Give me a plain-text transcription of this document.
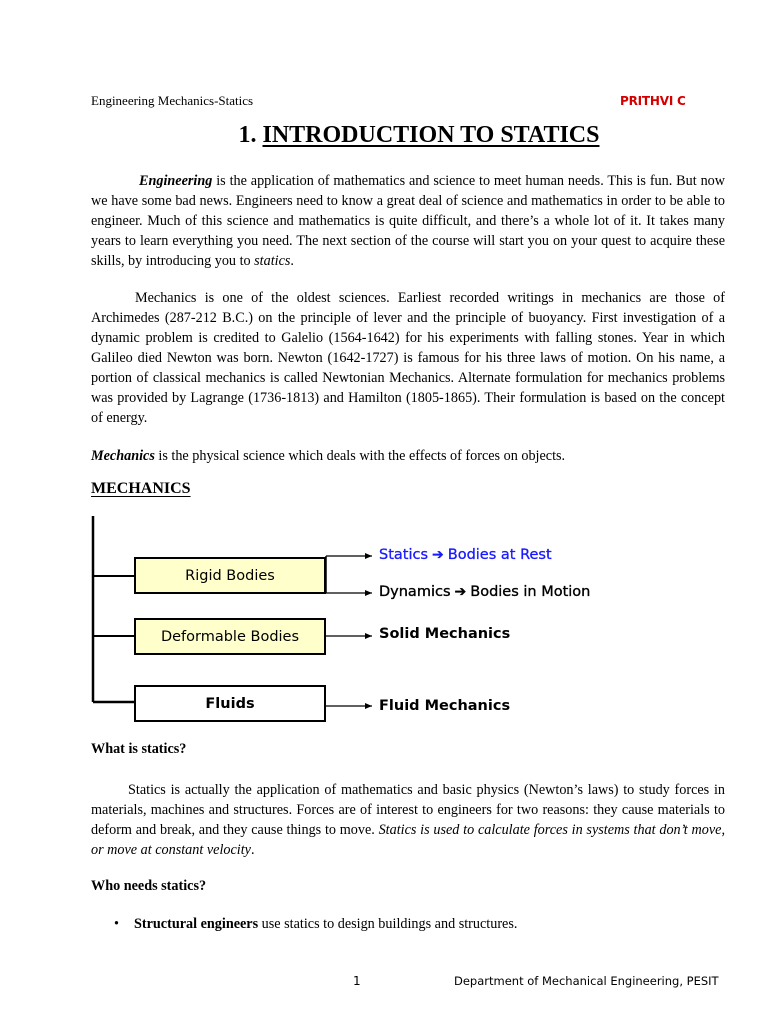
Engineering Mechanics-Statics	PRITHVI C
1. INTRODUCTION TO STATICS
Engineering is the application of mathematics and science to meet human needs. This is fun. But now we have some bad news. Engineers need to know a great deal of science and mathematics in order to be able to engineer. Much of this science and mathematics is quite difficult, and there’s a whole lot of it. It takes many years to learn everything you need. The next section of the course will start you on your quest to acquire these skills, by introducing you to statics.
Mechanics is one of the oldest sciences. Earliest recorded writings in mechanics are those of Archimedes (287-212 B.C.) on the principle of lever and the principle of buoyancy. First investigation of a dynamic problem is credited to Galelio (1564-1642) for his experiments with falling stones. Year in which Galileo died Newton was born. Newton (1642-1727) is famous for his three laws of motion. On his name, a portion of classical mechanics is called Newtonian Mechanics. Alternate formulation for mechanics problems was provided by Lagrange (1736-1813) and Hamilton (1805-1865). Their formulation is based on the concept of energy.
Mechanics is the physical science which deals with the effects of forces on objects.
MECHANICS
Rigid Bodies
Deformable Bodies
Fluids
Statics ➔ Bodies at Rest
Dynamics ➔ Bodies in Motion
Solid Mechanics
Fluid Mechanics
What is statics?
Statics is actually the application of mathematics and basic physics (Newton’s laws) to study forces in materials, machines and structures. Forces are of interest to engineers for two reasons: they cause materials to deform and break, and they cause things to move. Statics is used to calculate forces in systems that don’t move, or move at constant velocity.
Who needs statics?
• Structural engineers use statics to design buildings and structures.
1	Department of Mechanical Engineering, PESIT
